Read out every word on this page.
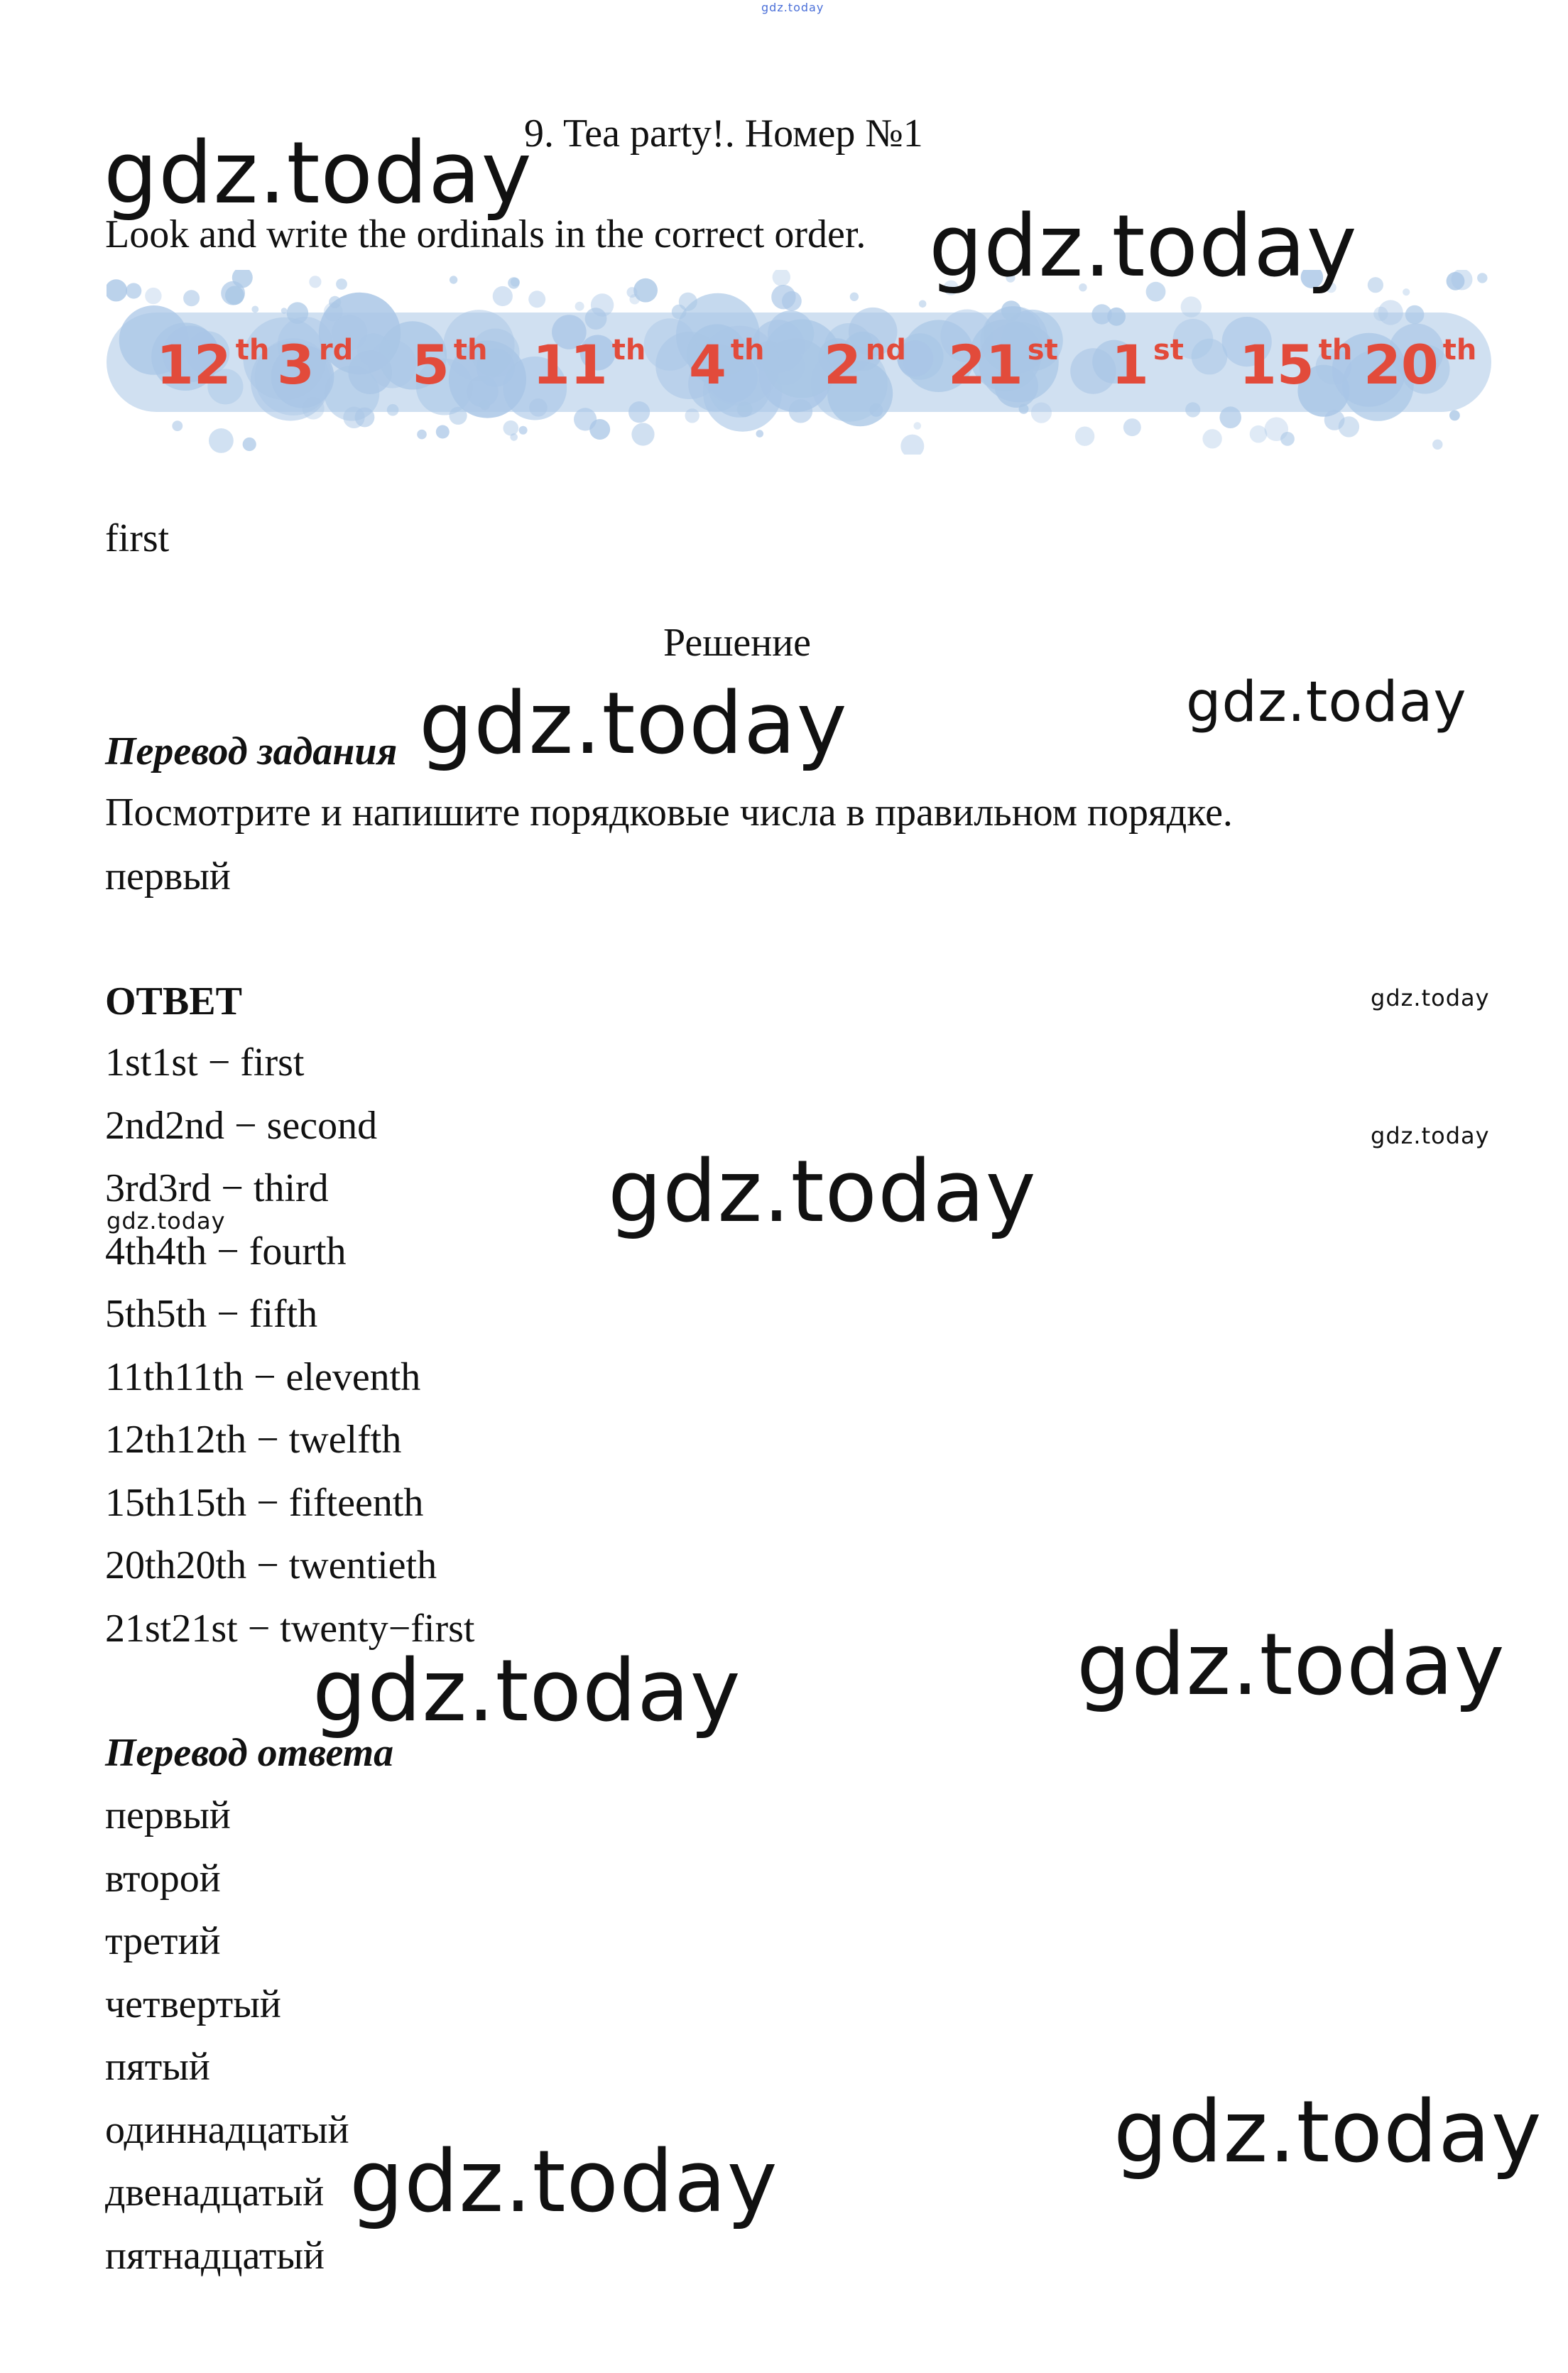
gdz.today
9. Tea party!. Номер №1
Look and write the ordinals in the correct order.
12 $^{th}$ 3 $^{rd}$ 5 $^{th}$ 11 $^{th}$ 4 $^{th}$ 2 $^{nd}$ 21 $^{st}$ 1 $^{st}$ 15 $^{th}$ 20 $^{th}$
first
Решение
Перевод задания
Посмотрите и напишите порядковые числа в правильном порядке.
первый
ОТВЕТ
1st1st − first
2nd2nd − second
3rd3rd − third
4th4th − fourth
5th5th − fifth
11th11th − eleventh
12th12th − twelfth
15th15th − fifteenth
20th20th − twentieth
21st21st − twenty−first
Перевод ответа
первый
второй
третий
четвертый
пятый
одиннадцатый
двенадцатый
пятнадцатый
gdz.today
gdz.today
gdz.today	gdz.today
gdz.today
gdz.today
gdz.today
gdz.today
gdz.today
gdz.today
gdz.today
gdz.today
